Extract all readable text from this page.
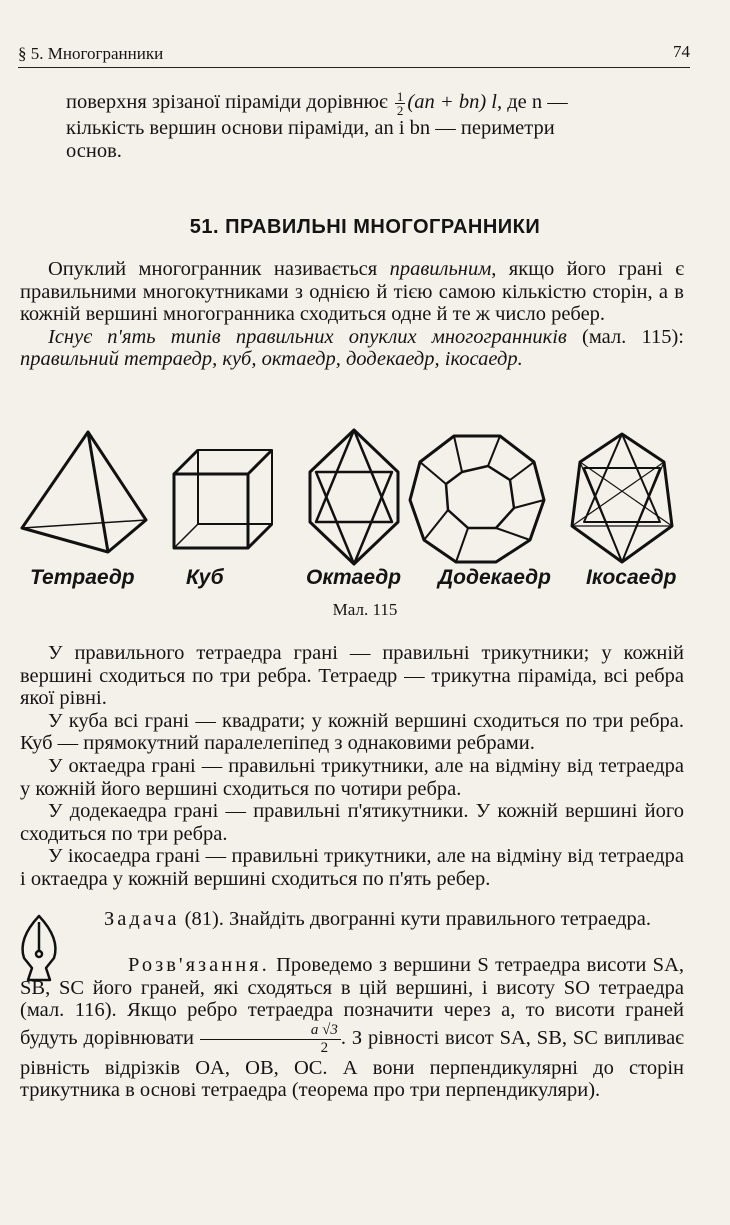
§ 5. Многогранники	74

поверхня зрізаної піраміди дорівнює $\frac{1}{2} (an + bn)$ l, де n —

кількість вершин основи піраміди, an і bn — периметри

основ.

51. ПРАВИЛЬНІ МНОГОГРАННИКИ

Опуклий многогранник називається правильним, якщо його грані є правильними многокутниками з однією й тією самою кількістю сторін, а в кожній вершині многогранника сходиться одне й те ж число ребер.

Існує п'ять типів правильних опуклих многогранників (мал. 115): правильний тетраедр, куб, октаедр, додекаедр, ікосаедр.

Тетраедр Куб	Октаедр Додекаедр Ікосаедр
Мал. 115

У правильного тетраедра грані — правильні трикутники; у кожній вершині сходиться по три ребра. Тетраедр — трикутна піраміда, всі ребра якої рівні.

У куба всі грані — квадрати; у кожній вершині сходиться по три ребра. Куб — прямокутний паралелепіпед з однаковими ребрами.

У октаедра грані — правильні трикутники, але на відміну від тетраедра у кожній його вершині сходиться по чотири ребра.

У додекаедра грані — правильні п'ятикутники. У кожній вершині його сходиться по три ребра.

У ікосаедра грані — правильні трикутники, але на відміну від тетраедра і октаедра у кожній вершині сходиться по п'ять ребер.

Задача (81). Знайдіть двогранні кути правильного тетраедра.

Розв'язання. Проведемо з вершини S тетраедра висоти SA, SB, SC його граней, які сходяться в цій вершині, і висоту SO тетраедра (мал. 116). Якщо ребро тетраедра позначити через a, то висоти граней будуть дорівнювати $\frac{a √3}{2}$ . З рівності висот SA, SB, SC випливає рівність відрізків OA, OB, OC. А вони перпендикулярні до сторін трикутника в основі тетраедра (теорема про три перпендикуляри).
